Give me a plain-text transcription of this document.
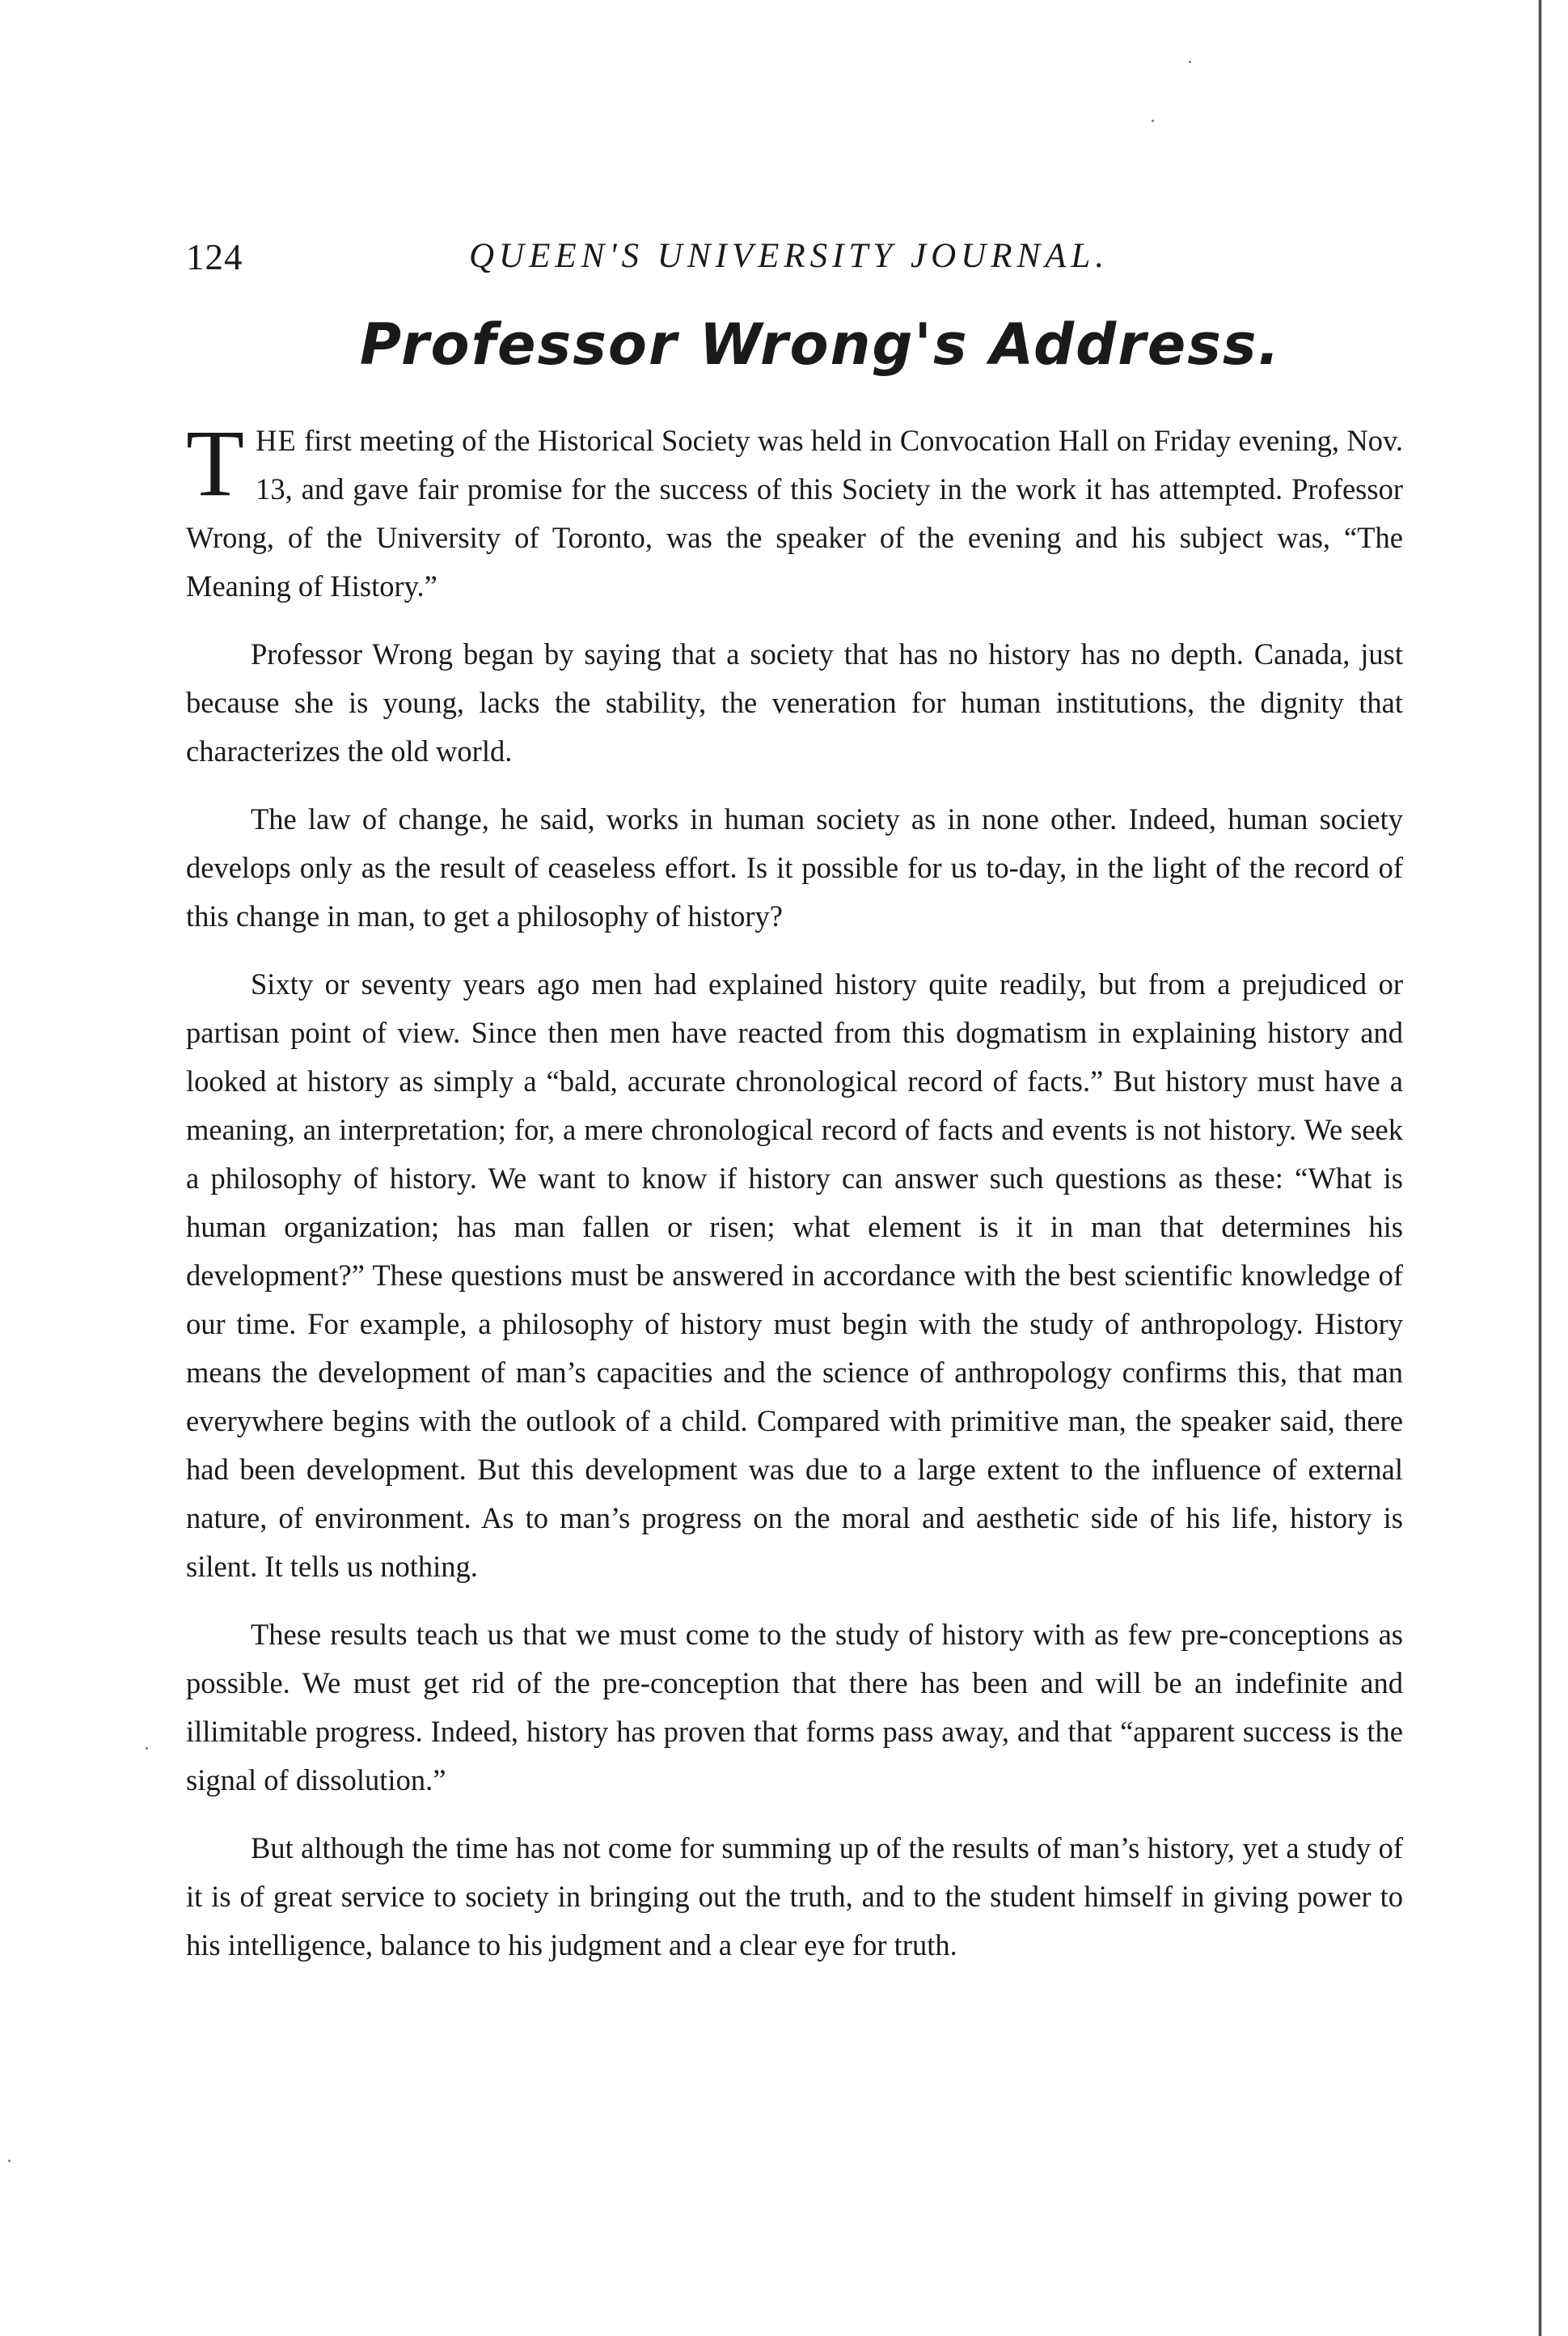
124	QUEEN'S UNIVERSITY JOURNAL.
Professor Wrong's Address.

THE first meeting of the Historical Society was held in Convocation Hall on Friday evening, Nov. 13, and gave fair promise for the success of this Society in the work it has attempted. Professor Wrong, of the University of Toronto, was the speaker of the evening and his subject was, “The Meaning of History.”

Professor Wrong began by saying that a society that has no history has no depth. Canada, just because she is young, lacks the stability, the veneration for human institutions, the dignity that characterizes the old world.

The law of change, he said, works in human society as in none other. Indeed, human society develops only as the result of ceaseless effort. Is it possible for us to-day, in the light of the record of this change in man, to get a philosophy of history?

Sixty or seventy years ago men had explained history quite readily, but from a prejudiced or partisan point of view. Since then men have reacted from this dogmatism in explaining history and looked at history as simply a “bald, accurate chronological record of facts.” But history must have a meaning, an interpretation; for, a mere chronological record of facts and events is not history. We seek a philosophy of history. We want to know if history can answer such questions as these: “What is human organization; has man fallen or risen; what element is it in man that determines his development?” These questions must be answered in accordance with the best scientific knowledge of our time. For example, a philosophy of history must begin with the study of anthropology. History means the development of man’s capacities and the science of anthropology confirms this, that man everywhere begins with the outlook of a child. Compared with primitive man, the speaker said, there had been development. But this development was due to a large extent to the influence of external nature, of environment. As to man’s progress on the moral and aesthetic side of his life, history is silent. It tells us nothing.

These results teach us that we must come to the study of history with as few pre-conceptions as possible. We must get rid of the pre-conception that there has been and will be an indefinite and illimitable progress. Indeed, history has proven that forms pass away, and that “apparent success is the signal of dissolution.”

But although the time has not come for summing up of the results of man’s history, yet a study of it is of great service to society in bringing out the truth, and to the student himself in giving power to his intelligence, balance to his judgment and a clear eye for truth.
